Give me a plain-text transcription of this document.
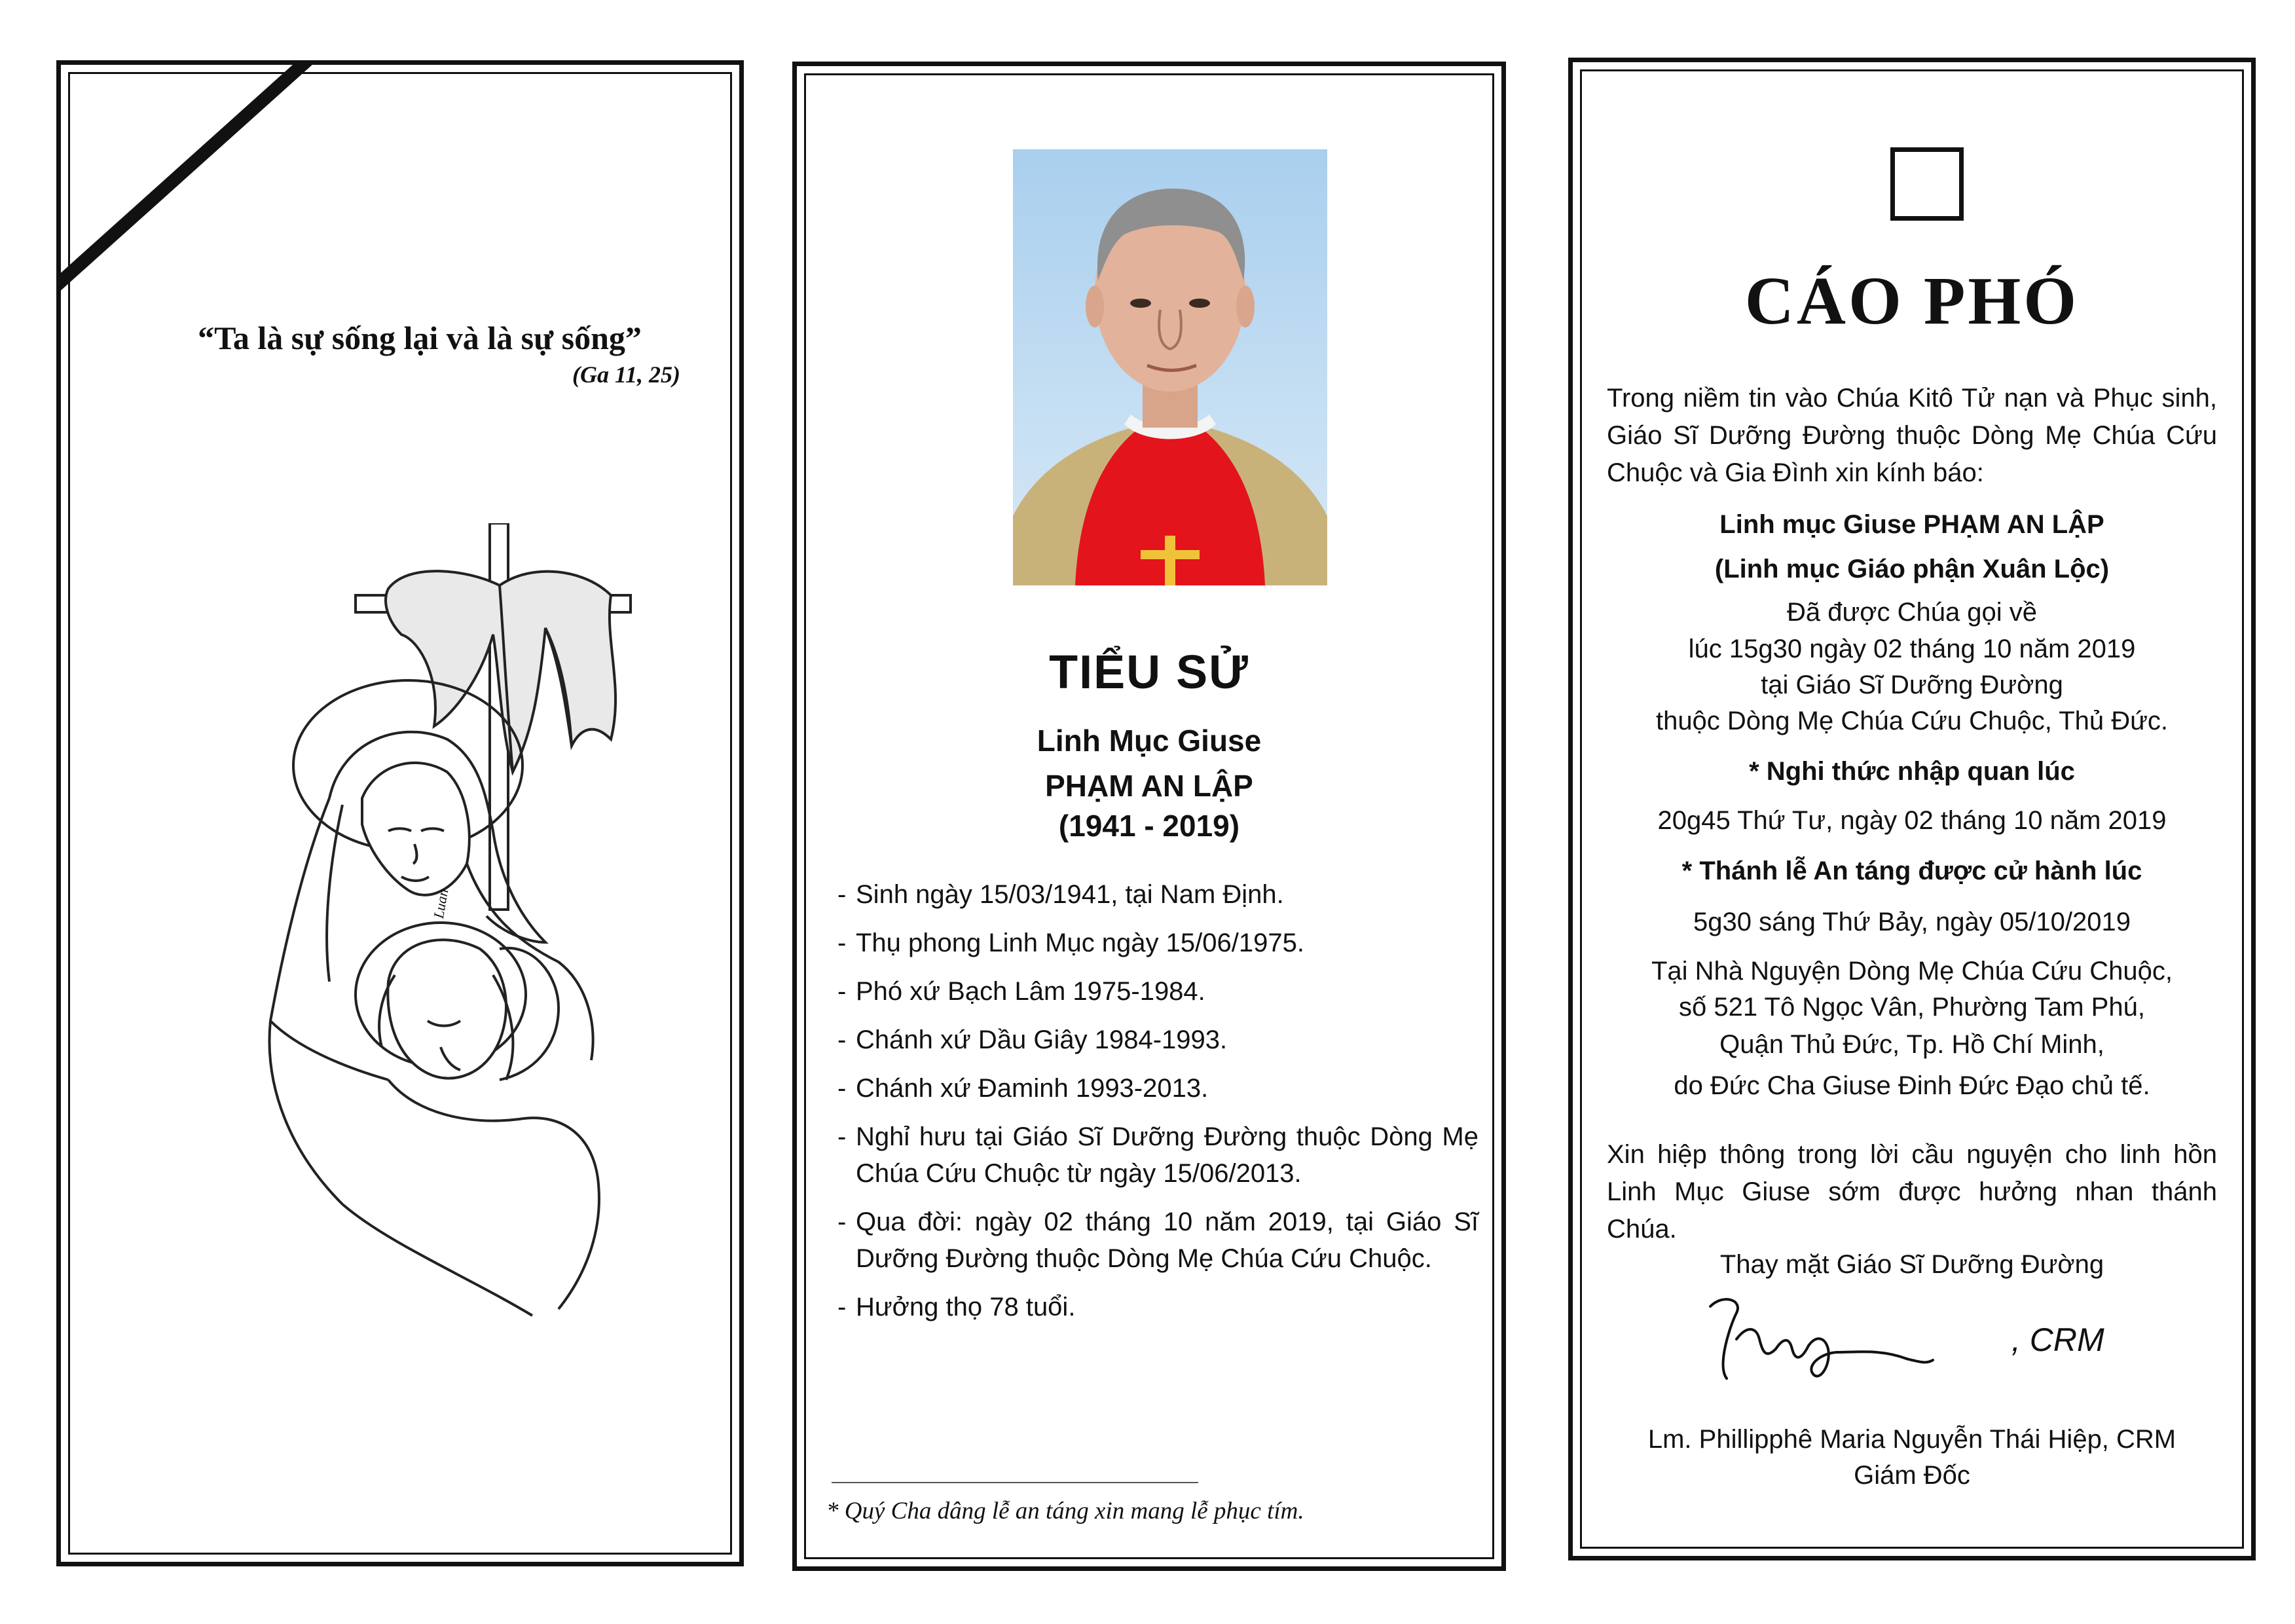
“Ta là sự sống lại và là sự sống”
(Ga 11, 25)
Luan
TIỂU SỬ
Linh Mục Giuse
PHẠM AN LẬP
(1941 - 2019)
- Sinh ngày 15/03/1941, tại Nam Định.
- Thụ phong Linh Mục ngày 15/06/1975.
- Phó xứ Bạch Lâm 1975-1984.
- Chánh xứ Dầu Giây 1984-1993.
- Chánh xứ Đaminh 1993-2013.
- Nghỉ hưu tại Giáo Sĩ Dưỡng Đường thuộc Dòng Mẹ Chúa Cứu Chuộc từ ngày 15/06/2013.
- Qua đời: ngày 02 tháng 10 năm 2019, tại Giáo Sĩ Dưỡng Đường thuộc Dòng Mẹ Chúa Cứu Chuộc.
- Hưởng thọ 78 tuổi.
* Quý Cha dâng lễ an táng xin mang lễ phục tím.
CÁO PHÓ
Trong niềm tin vào Chúa Kitô Tử nạn và Phục sinh, Giáo Sĩ Dưỡng Đường thuộc Dòng Mẹ Chúa Cứu Chuộc và Gia Đình xin kính báo:
Linh mục Giuse PHẠM AN LẬP
(Linh mục Giáo phận Xuân Lộc)
Đã được Chúa gọi về
lúc 15g30 ngày 02 tháng 10 năm 2019
tại Giáo Sĩ Dưỡng Đường
thuộc Dòng Mẹ Chúa Cứu Chuộc, Thủ Đức.
* Nghi thức nhập quan lúc
20g45 Thứ Tư, ngày 02 tháng 10 năm 2019
* Thánh lễ An táng được cử hành lúc
5g30 sáng Thứ Bảy, ngày 05/10/2019
Tại Nhà Nguyện Dòng Mẹ Chúa Cứu Chuộc,
số 521 Tô Ngọc Vân, Phường Tam Phú,
Quận Thủ Đức, Tp. Hồ Chí Minh,
do Đức Cha Giuse Đinh Đức Đạo chủ tế.
Xin hiệp thông trong lời cầu nguyện cho linh hồn Linh Mục Giuse sớm được hưởng nhan thánh Chúa.
Thay mặt Giáo Sĩ Dưỡng Đường
, CRM
Lm. Phillipphê Maria Nguyễn Thái Hiệp, CRM
Giám Đốc
